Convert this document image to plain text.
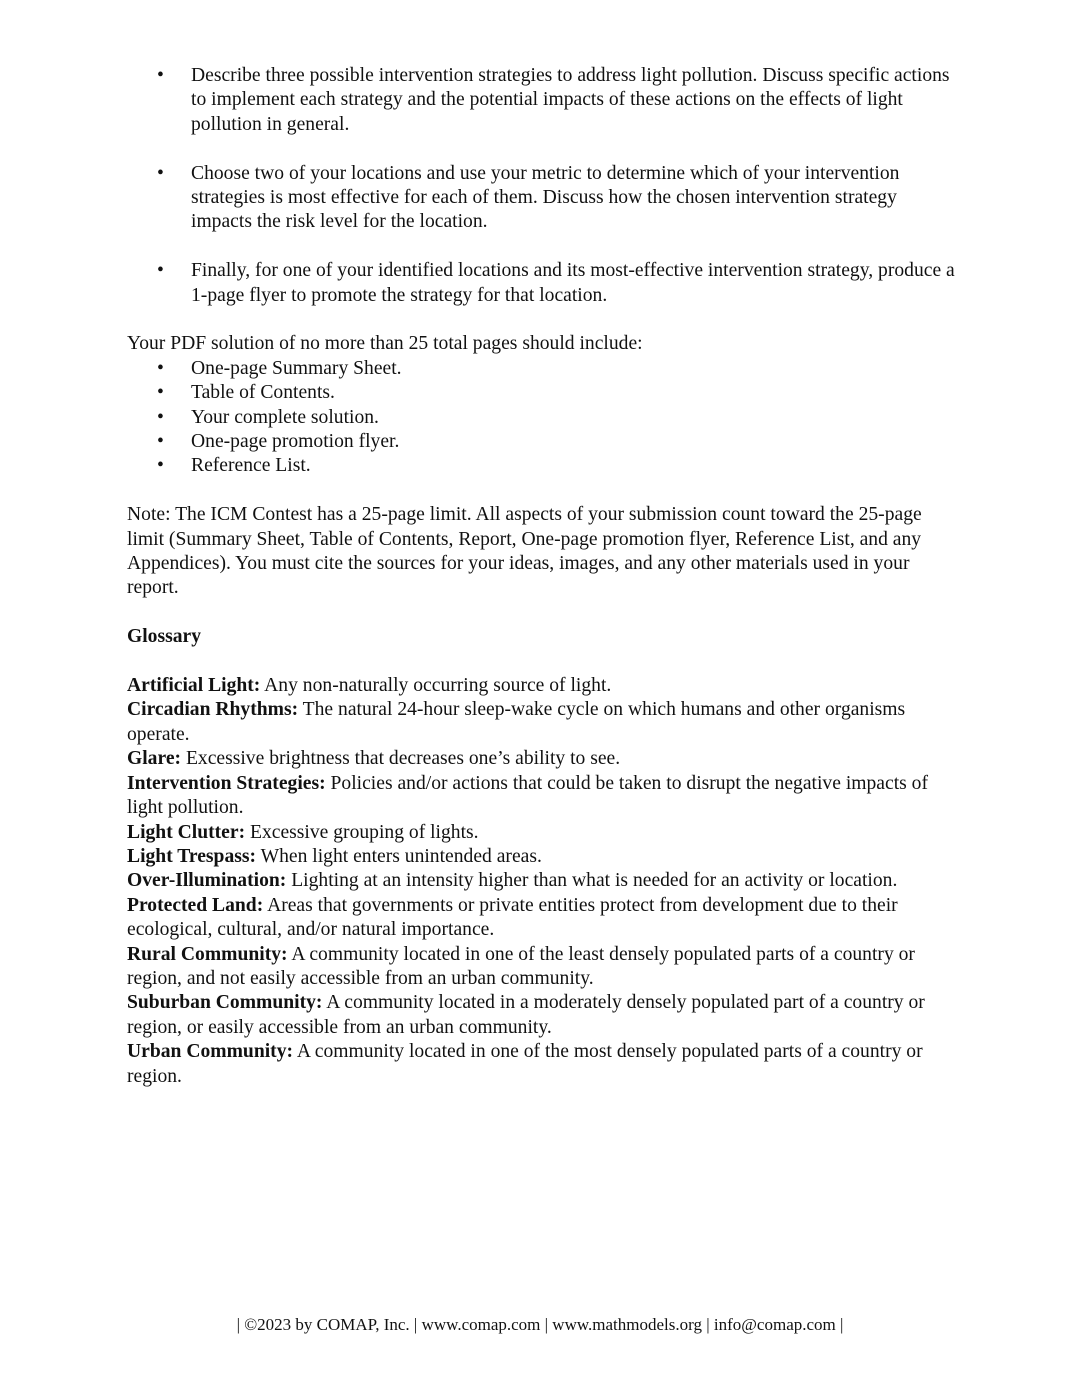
• Describe three possible intervention strategies to address light pollution. Discuss specific actions to implement each strategy and the potential impacts of these actions on the effects of light pollution in general.
• Choose two of your locations and use your metric to determine which of your intervention strategies is most effective for each of them. Discuss how the chosen intervention strategy impacts the risk level for the location.
• Finally, for one of your identified locations and its most-effective intervention strategy, produce a 1-page flyer to promote the strategy for that location.

Your PDF solution of no more than 25 total pages should include:

• One-page Summary Sheet.
• Table of Contents.
• Your complete solution.
• One-page promotion flyer.
• Reference List.

Note: The ICM Contest has a 25-page limit. All aspects of your submission count toward the 25-page limit (Summary Sheet, Table of Contents, Report, One-page promotion flyer, Reference List, and any Appendices). You must cite the sources for your ideas, images, and any other materials used in your report.

Glossary

Artificial Light: Any non-naturally occurring source of light.

Circadian Rhythms: The natural 24-hour sleep-wake cycle on which humans and other organisms operate.

Glare: Excessive brightness that decreases one’s ability to see.

Intervention Strategies: Policies and/or actions that could be taken to disrupt the negative impacts of light pollution.

Light Clutter: Excessive grouping of lights.

Light Trespass: When light enters unintended areas.

Over-Illumination: Lighting at an intensity higher than what is needed for an activity or location.

Protected Land: Areas that governments or private entities protect from development due to their ecological, cultural, and/or natural importance.

Rural Community: A community located in one of the least densely populated parts of a country or region, and not easily accessible from an urban community.

Suburban Community: A community located in a moderately densely populated part of a country or region, or easily accessible from an urban community.

Urban Community: A community located in one of the most densely populated parts of a country or region.

| ©2023 by COMAP, Inc. | www.comap.com | www.mathmodels.org | info@comap.com |
